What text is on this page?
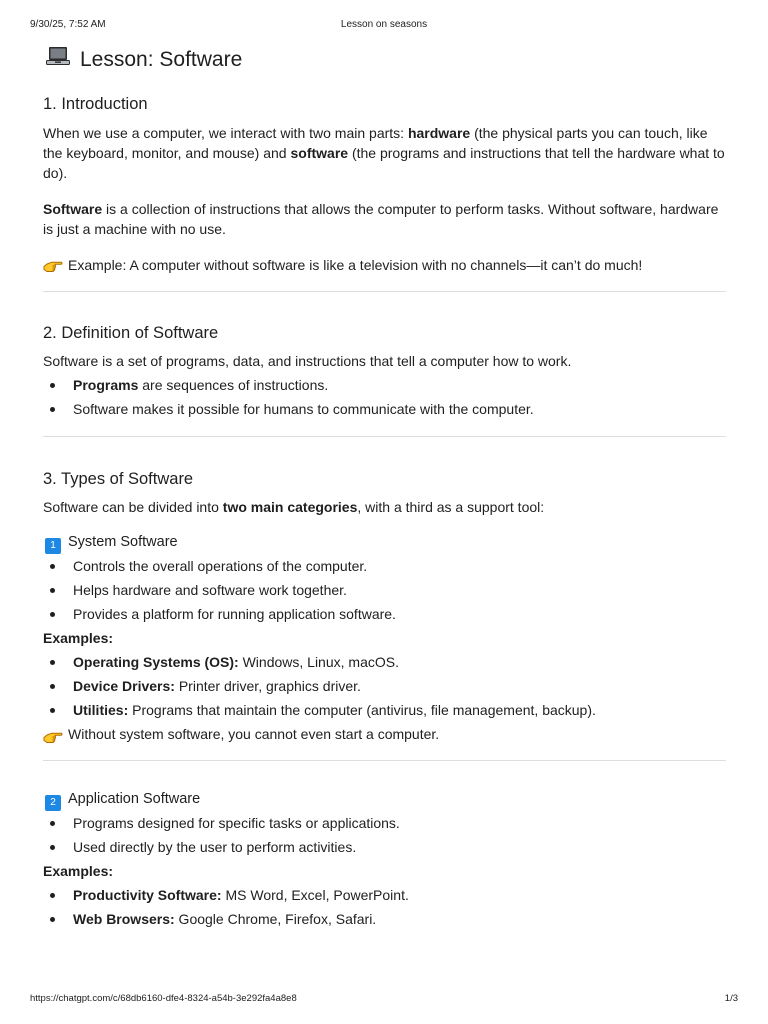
9/30/25, 7:52 AM	Lesson on seasons
Lesson: Software
1. Introduction

When we use a computer, we interact with two main parts: hardware (the physical parts you can touch, like the keyboard, monitor, and mouse) and software (the programs and instructions that tell the hardware what to do).

Software is a collection of instructions that allows the computer to perform tasks. Without software, hardware is just a machine with no use.

Example: A computer without software is like a television with no channels—it can’t do much!

2. Definition of Software

Software is a set of programs, data, and instructions that tell a computer how to work.

Programs are sequences of instructions.
Software makes it possible for humans to communicate with the computer.
3. Types of Software

Software can be divided into two main categories, with a third as a support tool:

1 System Software
Controls the overall operations of the computer.
Helps hardware and software work together.
Provides a platform for running application software.

Examples:

Operating Systems (OS): Windows, Linux, macOS.
Device Drivers: Printer driver, graphics driver.
Utilities: Programs that maintain the computer (antivirus, file management, backup).

Without system software, you cannot even start a computer.

2 Application Software
Programs designed for specific tasks or applications.
Used directly by the user to perform activities.

Examples:

Productivity Software: MS Word, Excel, PowerPoint.
Web Browsers: Google Chrome, Firefox, Safari.
https://chatgpt.com/c/68db6160-dfe4-8324-a54b-3e292fa4a8e8	1/3
